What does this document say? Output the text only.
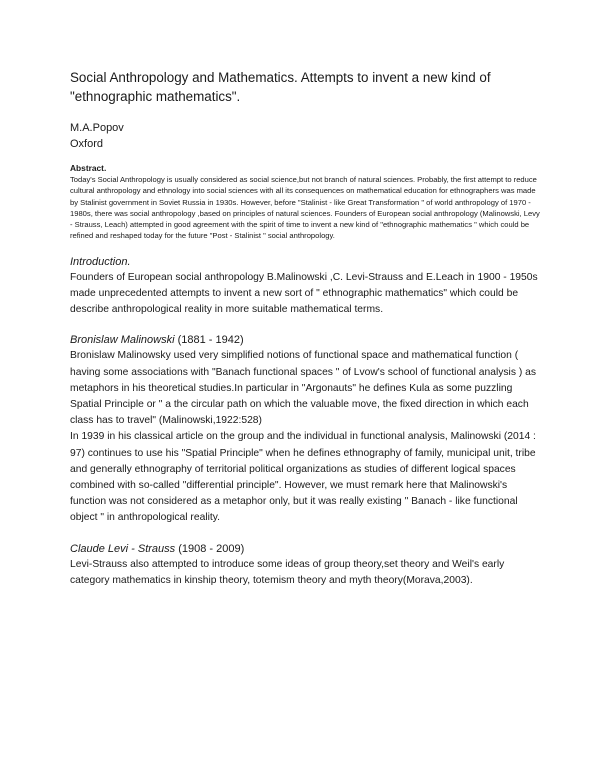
Social Anthropology and Mathematics. Attempts to invent a new kind of "ethnographic mathematics".
M.A.Popov
Oxford
Abstract.
Today's Social Anthropology is usually considered as social science,but not branch of natural sciences. Probably, the first attempt to reduce cultural anthropology and ethnology into social sciences with all its consequences on mathematical education for ethnographers was made by Stalinist government in Soviet Russia in 1930s. However, before "Stalinist - like Great Transformation " of world anthropology of 1970 - 1980s, there was social anthropology ,based on principles of natural sciences. Founders of European social anthropology (Malinowski, Levy - Strauss, Leach) attempted in good agreement with the spirit of time to invent a new kind of "ethnographic mathematics " which could be refined and reshaped today for the future "Post - Stalinist " social anthropology.
Introduction.
Founders of European social anthropology B.Malinowski ,C. Levi-Strauss and E.Leach in 1900 - 1950s made unprecedented attempts to invent a new sort of " ethnographic mathematics" which could be describe anthropological reality in more suitable mathematical terms.
Bronislaw Malinowski (1881 - 1942)
Bronislaw Malinowsky used very simplified notions of functional space and mathematical function ( having some associations with "Banach functional spaces " of Lvow's school of functional analysis ) as metaphors in his theoretical studies.In particular in "Argonauts" he defines Kula as some puzzling Spatial Principle or " a the circular path on which the valuable move, the fixed direction in which each class has to travel" (Malinowski,1922:528)
In 1939 in his classical article on the group and the individual in functional analysis, Malinowski (2014 : 97) continues to use his "Spatial Principle" when he defines ethnography of family, municipal unit, tribe and generally ethnography of territorial political organizations as studies of different logical spaces combined with so-called "differential principle". However, we must remark here that Malinowski's function was not considered as a metaphor only, but it was really existing " Banach - like functional object " in anthropological reality.
Claude Levi - Strauss (1908 - 2009)
Levi-Strauss also attempted to introduce some ideas of group theory,set theory and Weil's early category mathematics in kinship theory, totemism theory and myth theory(Morava,2003).
